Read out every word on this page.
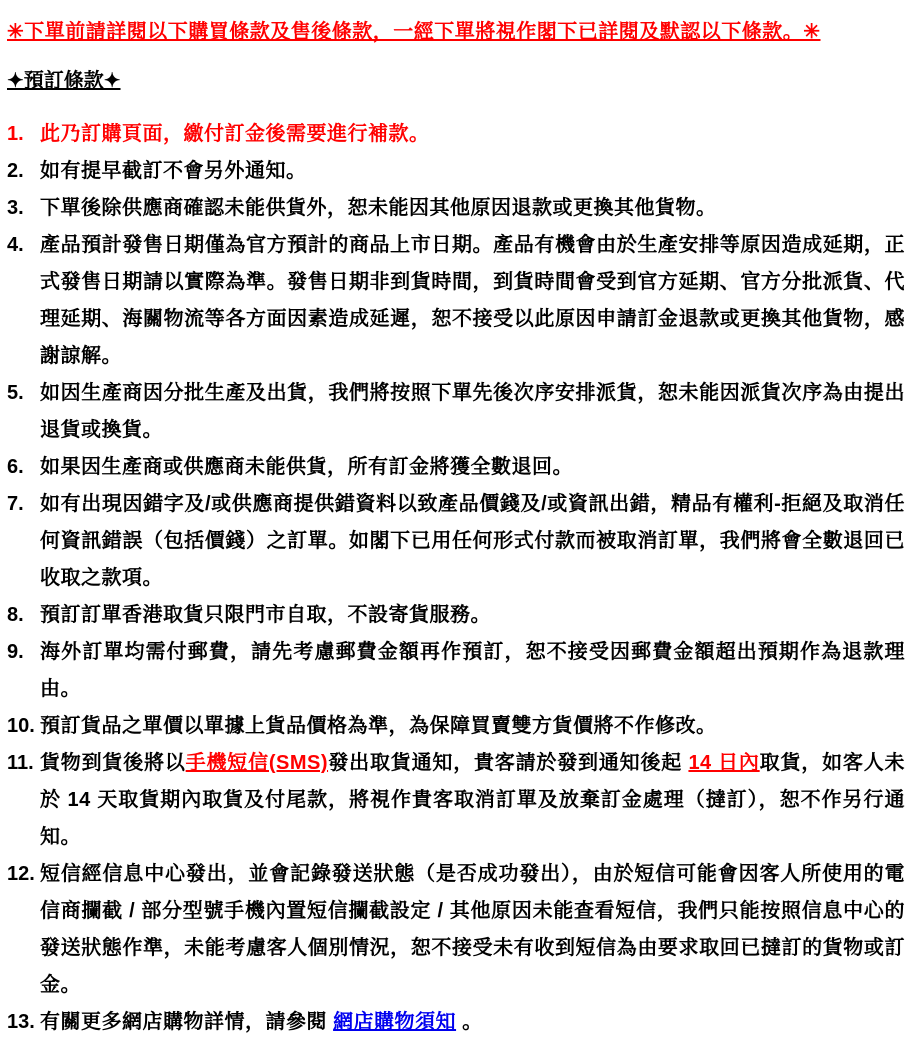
✳下單前請詳閱以下購買條款及售後條款，一經下單將視作閣下已詳閱及默認以下條款。✳

✦預訂條款✦
1. 此乃訂購頁面，繳付訂金後需要進行補款。
2. 如有提早截訂不會另外通知。
3. 下單後除供應商確認未能供貨外，恕未能因其他原因退款或更換其他貨物。
4. 產品預計發售日期僅為官方預計的商品上市日期。產品有機會由於生產安排等原因造成延期，正式發售日期請以實際為準。發售日期非到貨時間，到貨時間會受到官方延期、官方分批派貨、代理延期、海關物流等各方面因素造成延遲，恕不接受以此原因申請訂金退款或更換其他貨物，感謝諒解。
5. 如因生產商因分批生產及出貨，我們將按照下單先後次序安排派貨，恕未能因派貨次序為由提出退貨或換貨。
6. 如果因生產商或供應商未能供貨，所有訂金將獲全數退回。
7. 如有出現因錯字及/或供應商提供錯資料以致產品價錢及/或資訊出錯，精品有權利-拒絕及取消任何資訊錯誤（包括價錢）之訂單。如閣下已用任何形式付款而被取消訂單，我們將會全數退回已收取之款項。
8. 預訂訂單香港取貨只限門市自取，不設寄貨服務。
9. 海外訂單均需付郵費，請先考慮郵費金額再作預訂，恕不接受因郵費金額超出預期作為退款理由。
10. 預訂貨品之單價以單據上貨品價格為準，為保障買賣雙方貨價將不作修改。
11. 貨物到貨後將以手機短信(SMS)發出取貨通知，貴客請於發到通知後起 14 日內取貨，如客人未於 14 天取貨期內取貨及付尾款，將視作貴客取消訂單及放棄訂金處理（撻訂），恕不作另行通知。
12. 短信經信息中心發出，並會記錄發送狀態（是否成功發出），由於短信可能會因客人所使用的電信商攔截 / 部分型號手機內置短信攔截設定 / 其他原因未能查看短信，我們只能按照信息中心的發送狀態作準，未能考慮客人個別情況，恕不接受未有收到短信為由要求取回已撻訂的貨物或訂金。
13. 有關更多網店購物詳情，請參閱 網店購物須知 。
